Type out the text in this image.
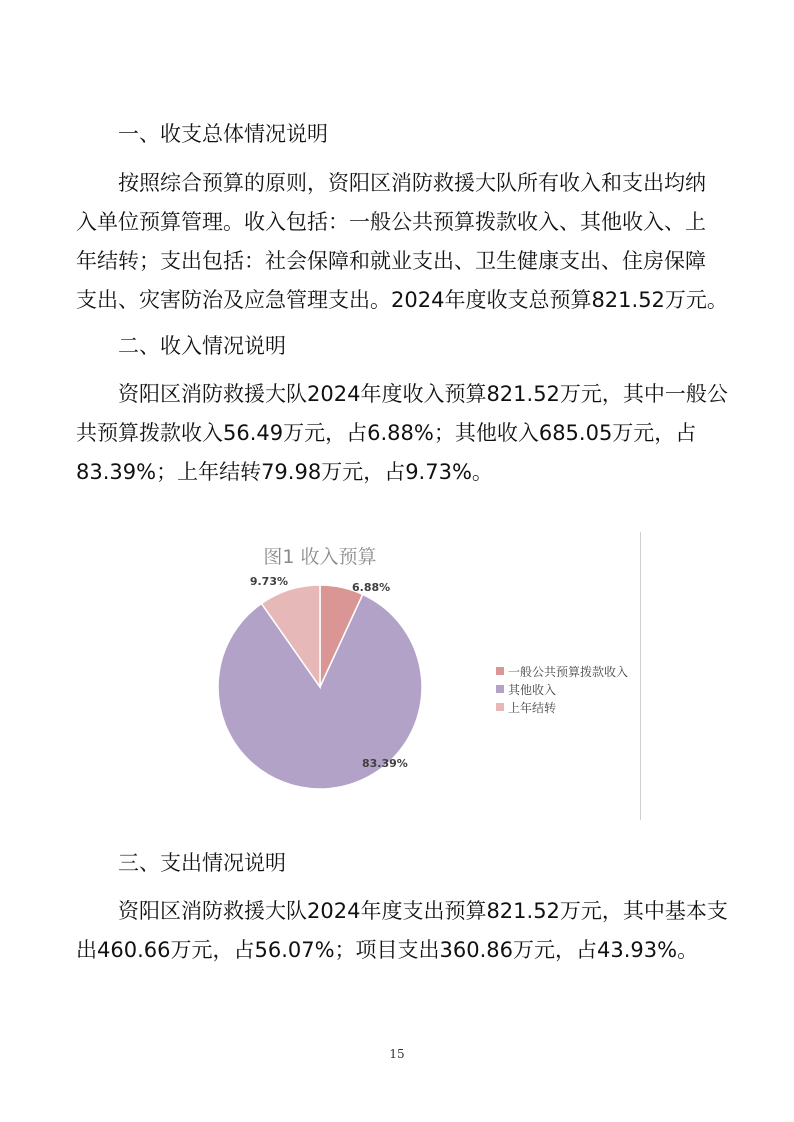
一、收支总体情况说明
按照综合预算的原则，资阳区消防救援大队所有收入和支出均纳
入单位预算管理。收入包括：一般公共预算拨款收入、其他收入、上
年结转；支出包括：社会保障和就业支出、卫生健康支出、住房保障
支出、灾害防治及应急管理支出。2024年度收支总预算821.52万元。
二、收入情况说明
资阳区消防救援大队2024年度收入预算821.52万元，其中一般公
共预算拨款收入56.49万元，占6.88%；其他收入685.05万元，占
83.39%；上年结转79.98万元，占9.73%。
图1 收入预算
6.88%
83.39%
9.73%
一般公共预算拨款收入
其他收入
上年结转
三、支出情况说明
资阳区消防救援大队2024年度支出预算821.52万元，其中基本支
出460.66万元，占56.07%；项目支出360.86万元，占43.93%。
15
